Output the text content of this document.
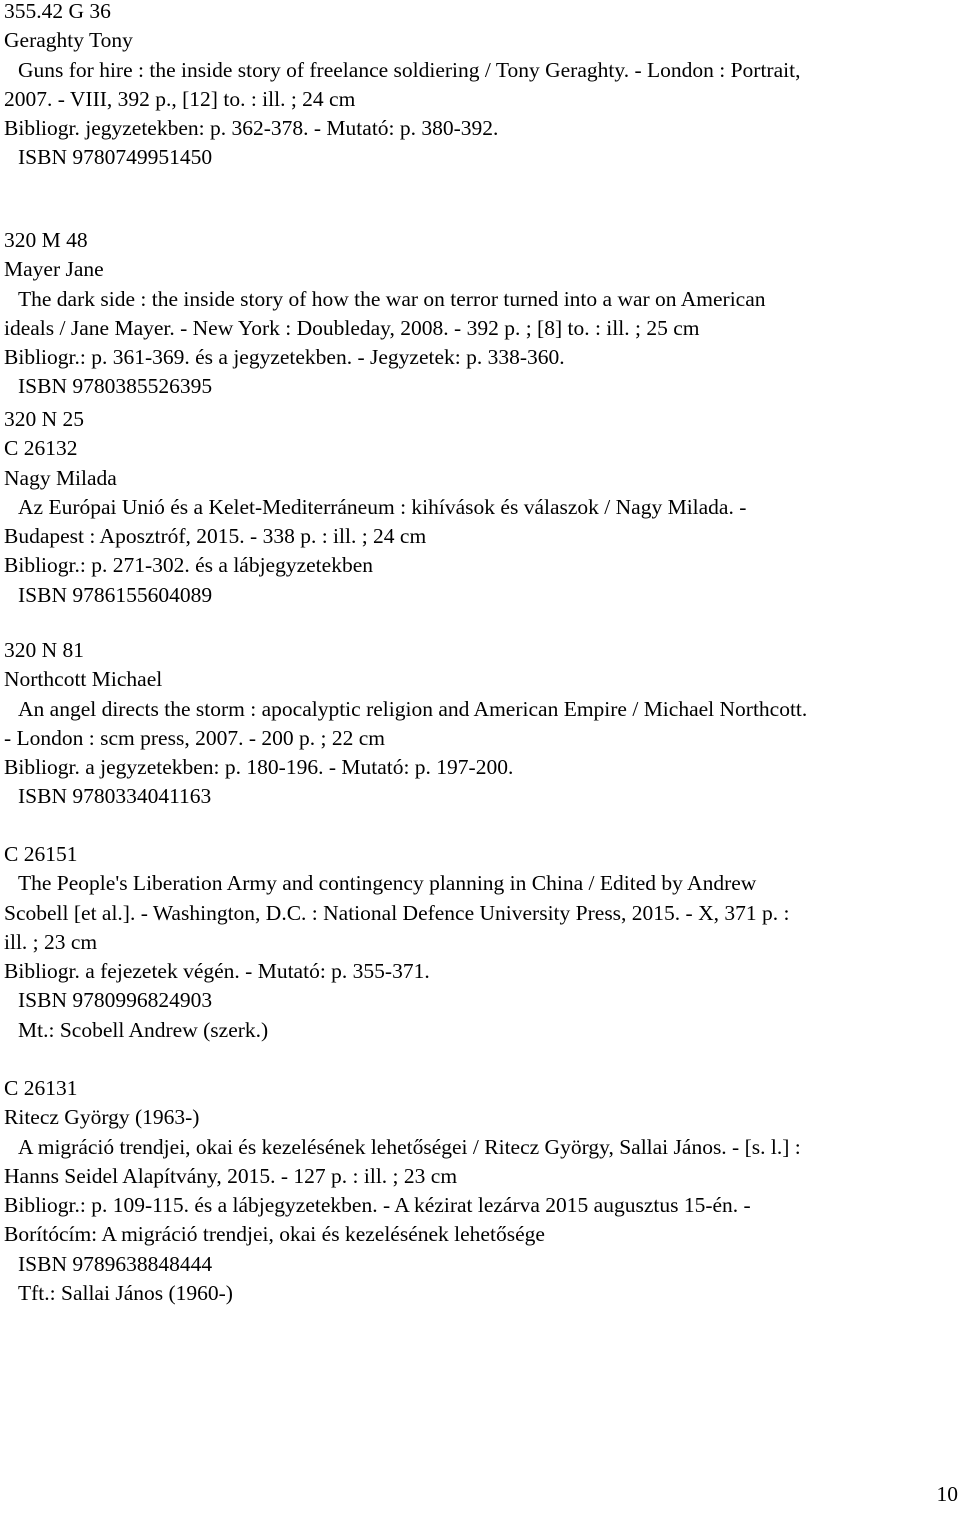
355.42 G 36
Geraghty Tony
Guns for hire : the inside story of freelance soldiering / Tony Geraghty. - London : Portrait,
2007. - VIII, 392 p., [12] to. : ill. ; 24 cm
Bibliogr. jegyzetekben: p. 362-378. - Mutató: p. 380-392.
ISBN 9780749951450
320 M 48
Mayer Jane
The dark side : the inside story of how the war on terror turned into a war on American
ideals / Jane Mayer. - New York : Doubleday, 2008. - 392 p. ; [8] to. : ill. ; 25 cm
Bibliogr.: p. 361-369. és a jegyzetekben. - Jegyzetek: p. 338-360.
ISBN 9780385526395
320 N 25
C 26132
Nagy Milada
Az Európai Unió és a Kelet-Mediterráneum : kihívások és válaszok / Nagy Milada. -
Budapest : Aposztróf, 2015. - 338 p. : ill. ; 24 cm
Bibliogr.: p. 271-302. és a lábjegyzetekben
ISBN 9786155604089
320 N 81
Northcott Michael
An angel directs the storm : apocalyptic religion and American Empire / Michael Northcott.
- London : scm press, 2007. - 200 p. ; 22 cm
Bibliogr. a jegyzetekben: p. 180-196. - Mutató: p. 197-200.
ISBN 9780334041163
C 26151
The People's Liberation Army and contingency planning in China / Edited by Andrew
Scobell [et al.]. - Washington, D.C. : National Defence University Press, 2015. - X, 371 p. :
ill. ; 23 cm
Bibliogr. a fejezetek végén. - Mutató: p. 355-371.
ISBN 9780996824903
Mt.: Scobell Andrew (szerk.)
C 26131
Ritecz György (1963-)
A migráció trendjei, okai és kezelésének lehetőségei / Ritecz György, Sallai János. - [s. l.] :
Hanns Seidel Alapítvány, 2015. - 127 p. : ill. ; 23 cm
Bibliogr.: p. 109-115. és a lábjegyzetekben. - A kézirat lezárva 2015 augusztus 15-én. -
Borítócím: A migráció trendjei, okai és kezelésének lehetősége
ISBN 9789638848444
Tft.: Sallai János (1960-)
10
